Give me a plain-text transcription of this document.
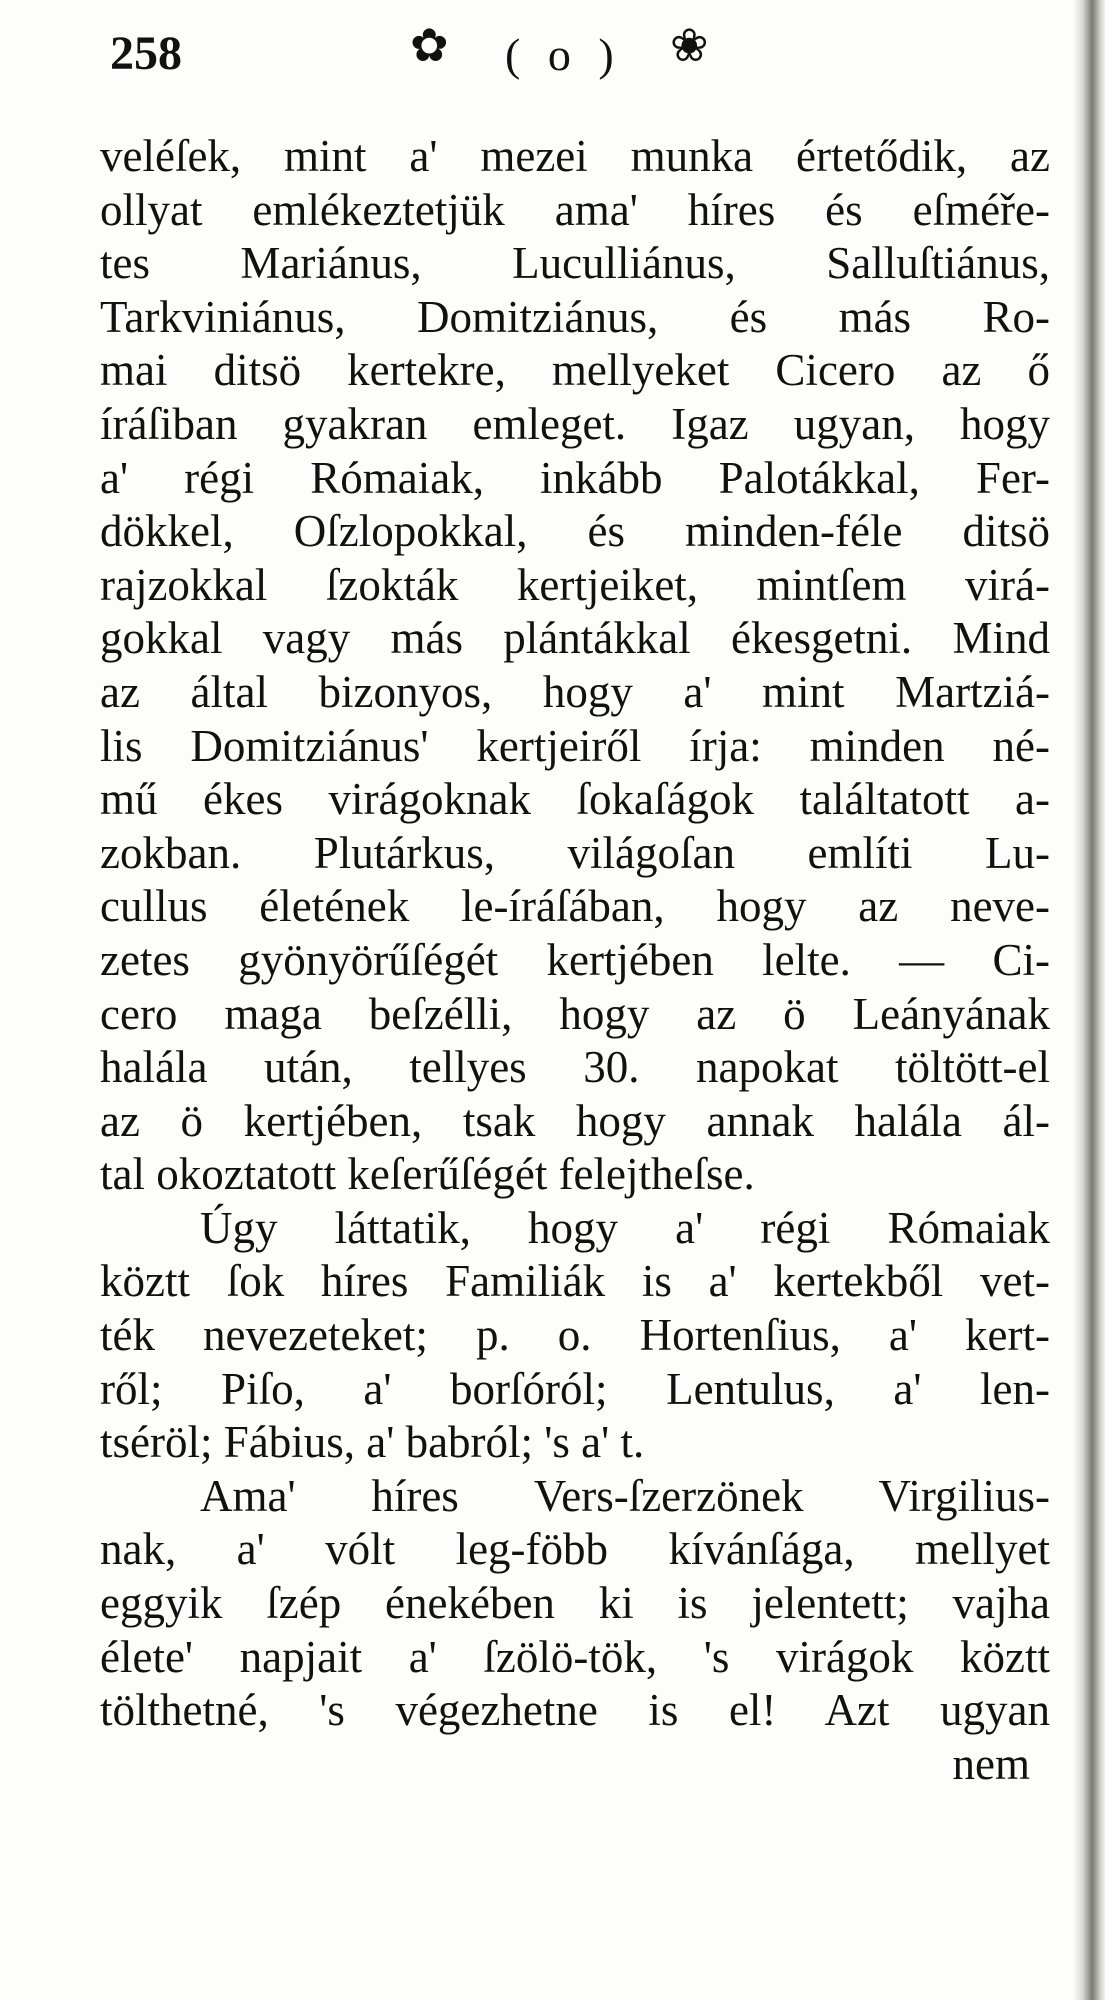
258	✿ ( o ) ❀
veléſek, mint a' mezei munka értetődik, az
ollyat emlékeztetjük ama' híres és eſméře-
tes Mariánus, Luculliánus, Salluſtiánus,
Tarkviniánus, Domitziánus, és más Ro-
mai ditsö kertekre, mellyeket Cicero az ő
íráſiban gyakran emleget. Igaz ugyan, hogy
a' régi Rómaiak, inkább Palotákkal, Fer-
dökkel, Oſzlopokkal, és minden-féle ditsö
rajzokkal ſzokták kertjeiket, mintſem virá-
gokkal vagy más plántákkal ékesgetni. Mind
az által bizonyos, hogy a' mint Martziá-
lis Domitziánus' kertjeiről írja: minden né-
mű ékes virágoknak ſokaſágok találtatott a-
zokban. Plutárkus, világoſan említi Lu-
cullus életének le-íráſában, hogy az neve-
zetes gyönyörűſégét kertjében lelte. — Ci-
cero maga beſzélli, hogy az ö Leányának
halála után, tellyes 30. napokat töltött-el
az ö kertjében, tsak hogy annak halála ál-
tal okoztatott keſerűſégét felejtheſse.
Úgy láttatik, hogy a' régi Rómaiak
köztt ſok híres Familiák is a' kertekből vet-
ték nevezeteket; p. o. Hortenſius, a' kert-
ről; Piſo, a' borſóról; Lentulus, a' len-
tséröl; Fábius, a' babról; 's a' t.
Ama' híres Vers-ſzerzönek Virgilius-
nak, a' vólt leg-föbb kívánſága, mellyet
eggyik ſzép énekében ki is jelentett; vajha
élete' napjait a' ſzölö-tök, 's virágok köztt
tölthetné, 's végezhetne is el! Azt ugyan
nem
